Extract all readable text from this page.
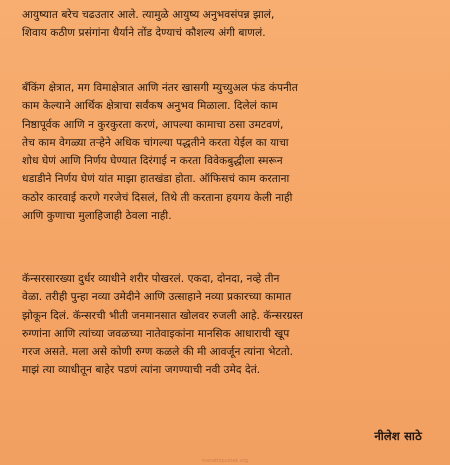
आयुष्यात बरेच चढउतार आले. त्यामुळे आयुष्य अनुभवसंपन्न झालं,
शिवाय कठीण प्रसंगांना धैर्याने तोंड देण्याचं कौशल्य अंगी बाणलं.

बँकिंग क्षेत्रात, मग विमाक्षेत्रात आणि नंतर खासगी म्युच्युअल फंड कंपनीत
काम केल्याने आर्थिक क्षेत्राचा सर्वंकष अनुभव मिळाला. दिलेलं काम
निष्ठापूर्वक आणि न कुरकुरता करणं, आपल्या कामाचा ठसा उमटवणं,
तेच काम वेगळ्या तऱ्हेने अधिक चांगल्या पद्धतीने करता येईल का याचा
शोध घेणं आणि निर्णय घेण्यात दिरंगाई न करता विवेकबुद्धीला स्मरून
धडाडीने निर्णय घेणं यांत माझा हातखंडा होता. ऑफिसचं काम करताना
कठोर कारवाई करणे गरजेचं दिसलं, तिथे ती करताना हयगय केली नाही
आणि कुणाचा मुलाहिजाही ठेवला नाही.

कॅन्सरसारख्या दुर्धर व्याधीने शरीर पोखरलं. एकदा, दोनदा, नव्हे तीन
वेळा. तरीही पुन्हा नव्या उमेदीने आणि उत्साहाने नव्या प्रकारच्या कामात
झोकून दिलं. कॅन्सरची भीती जनमानसात खोलवर रुजली आहे. कॅन्सरग्रस्त
रुग्णांना आणि त्यांच्या जवळच्या नातेवाइकांना मानसिक आधाराची खूप
गरज असते. मला असे कोणी रुग्ण कळले की मी आवर्जून त्यांना भेटतो.
माझं त्या व्याधीतून बाहेर पडणं त्यांना जगण्याची नवी उमेद देतं.

नीलेश साठे
marathipustak.org
